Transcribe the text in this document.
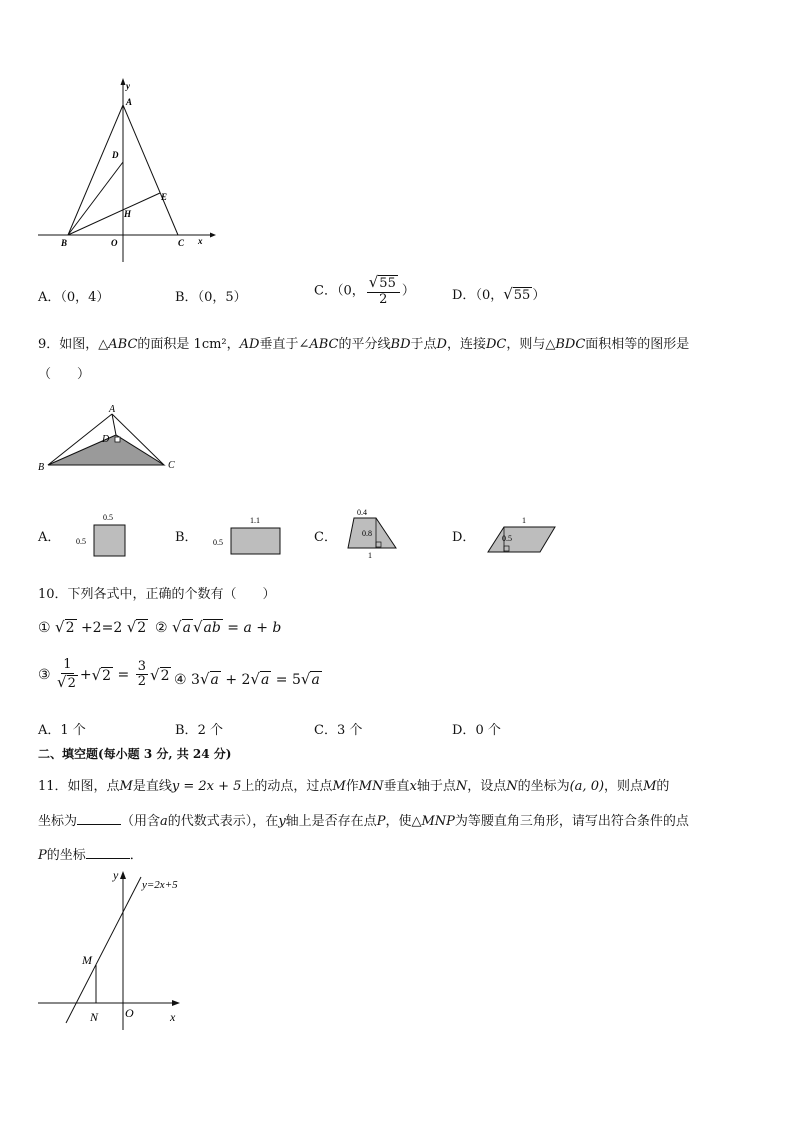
y
A
D
E
H
B	O	C x
A．（0，4）	B．（0，5）	C．（0， $\frac{√55}{2}$ ）	D．（0，√55 ）
9．如图，△ABC的面积是 1cm²，AD垂直于∠ABC的平分线BD于点D，连接DC，则与△BDC面积相等的图形是
（　　）
A
D
B	C
A．
0.5
0.5	B．
1.1
0.5	C．
0.4
0.8
1
D．
1
0.5
10．下列各式中，正确的个数有（　　）
① √2 +2=2 √2 ② √a √ab = a + b
③ $\frac{1}{√2} +√2 = \frac{3}{2} √2$ ④ 3√a + 2√a = 5√a
A．1 个	B．2 个	C．3 个	D．0 个
二、填空题(每小题 3 分, 共 24 分)
11．如图，点M是直线y = 2x + 5上的动点，过点M作MN垂直x轴于点N，设点N的坐标为(a, 0)，则点M的
坐标为	（用含a的代数式表示），在y轴上是否存在点P，使△MNP为等腰直角三角形，请写出符合条件的点
P的坐标	．
y
y=2x+5
M
N O	x
